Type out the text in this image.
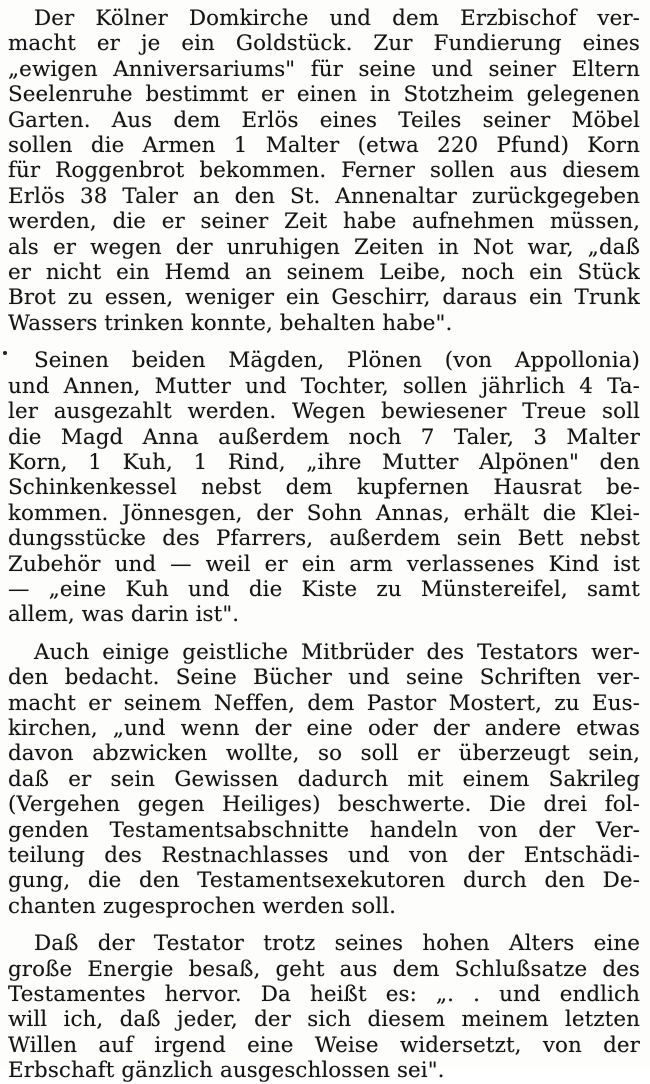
Der Kölner Domkirche und dem Erzbischof ver-
macht er je ein Goldstück. Zur Fundierung eines
„ewigen Anniversariums" für seine und seiner Eltern
Seelenruhe bestimmt er einen in Stotzheim gelegenen
Garten. Aus dem Erlös eines Teiles seiner Möbel
sollen die Armen 1 Malter (etwa 220 Pfund) Korn
für Roggenbrot bekommen. Ferner sollen aus diesem
Erlös 38 Taler an den St. Annenaltar zurückgegeben
werden, die er seiner Zeit habe aufnehmen müssen,
als er wegen der unruhigen Zeiten in Not war, „daß
er nicht ein Hemd an seinem Leibe, noch ein Stück
Brot zu essen, weniger ein Geschirr, daraus ein Trunk
Wassers trinken konnte, behalten habe".
Seinen beiden Mägden, Plönen (von Appollonia)
und Annen, Mutter und Tochter, sollen jährlich 4 Ta-
ler ausgezahlt werden. Wegen bewiesener Treue soll
die Magd Anna außerdem noch 7 Taler, 3 Malter
Korn, 1 Kuh, 1 Rind, „ihre Mutter Alpönen" den
Schinkenkessel nebst dem kupfernen Hausrat be-
kommen. Jönnesgen, der Sohn Annas, erhält die Klei-
dungsstücke des Pfarrers, außerdem sein Bett nebst
Zubehör und — weil er ein arm verlassenes Kind ist
— „eine Kuh und die Kiste zu Münstereifel, samt
allem, was darin ist".
Auch einige geistliche Mitbrüder des Testators wer-
den bedacht. Seine Bücher und seine Schriften ver-
macht er seinem Neffen, dem Pastor Mostert, zu Eus-
kirchen, „und wenn der eine oder der andere etwas
davon abzwicken wollte, so soll er überzeugt sein,
daß er sein Gewissen dadurch mit einem Sakrileg
(Vergehen gegen Heiliges) beschwerte. Die drei fol-
genden Testamentsabschnitte handeln von der Ver-
teilung des Restnachlasses und von der Entschädi-
gung, die den Testamentsexekutoren durch den De-
chanten zugesprochen werden soll.
Daß der Testator trotz seines hohen Alters eine
große Energie besaß, geht aus dem Schlußsatze des
Testamentes hervor. Da heißt es: „. . und endlich
will ich, daß jeder, der sich diesem meinem letzten
Willen auf irgend eine Weise widersetzt, von der
Erbschaft gänzlich ausgeschlossen sei".
